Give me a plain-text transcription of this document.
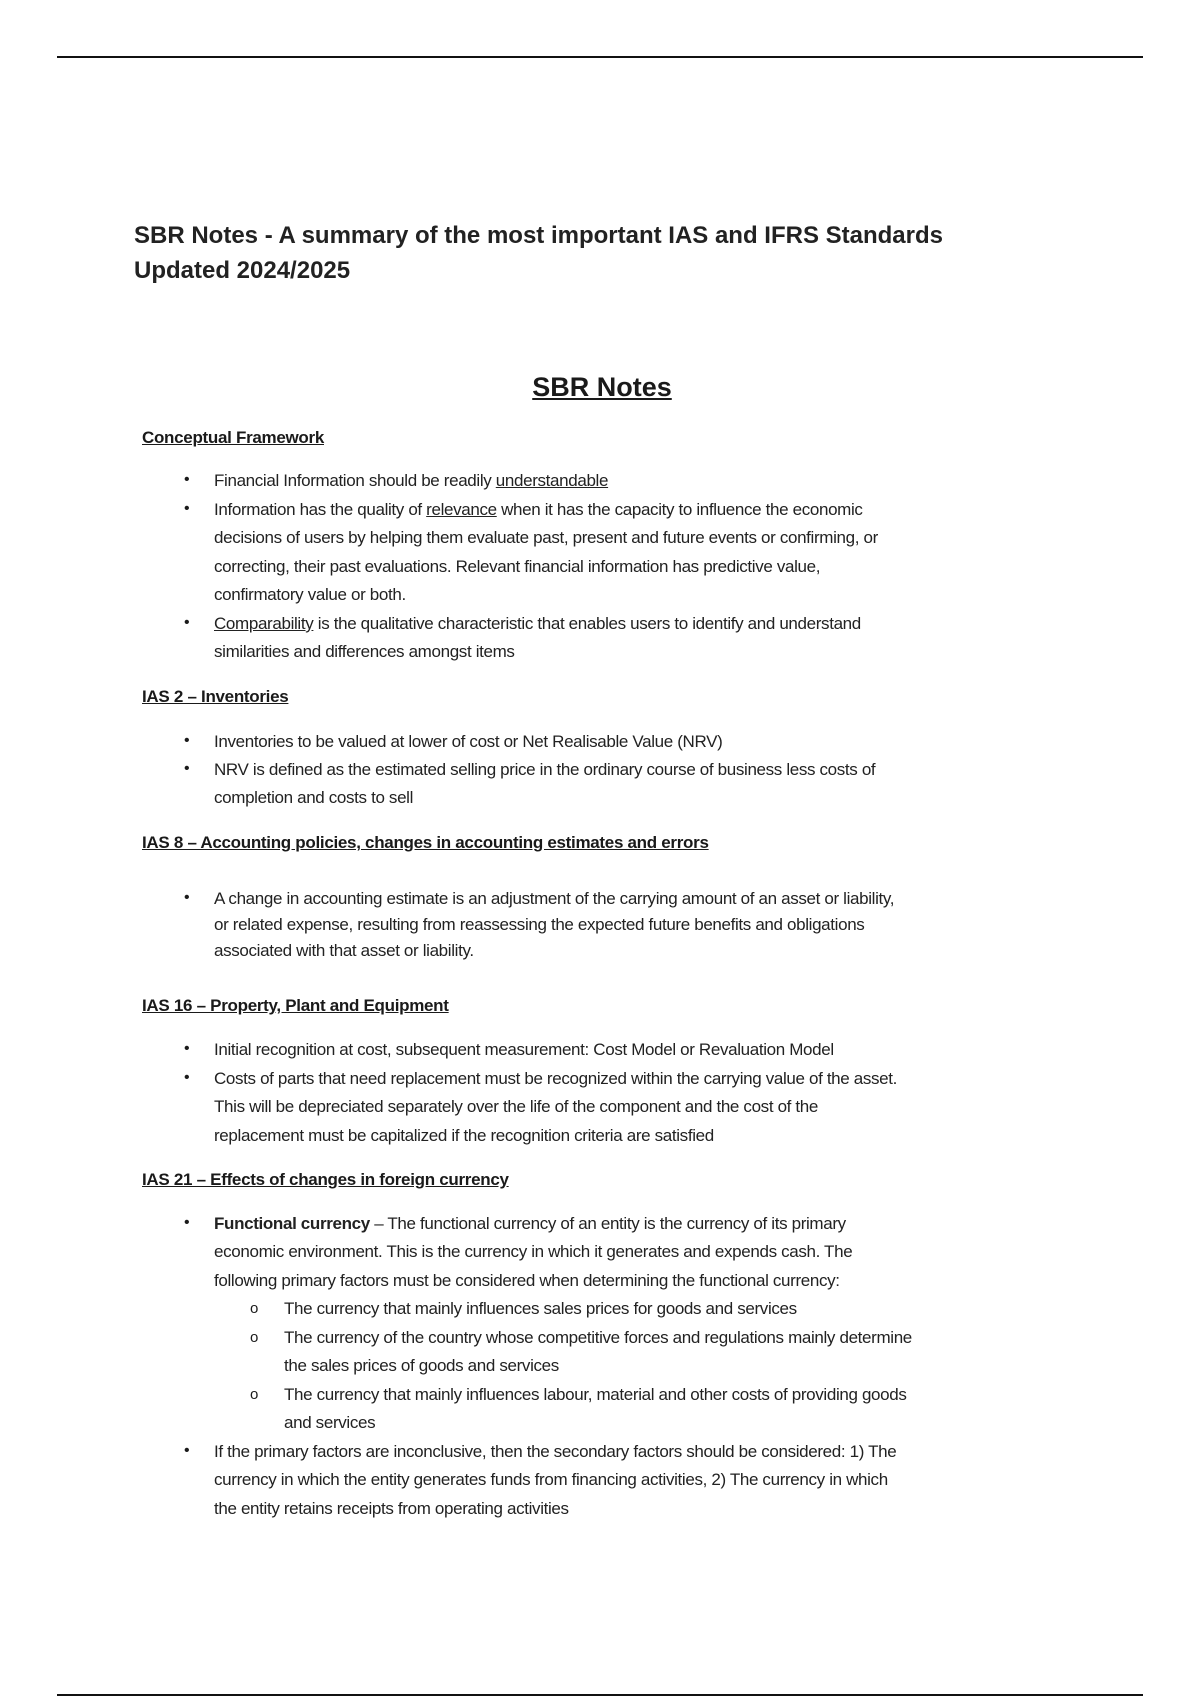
SBR Notes - A summary of the most important IAS and IFRS Standards
Updated 2024/2025
SBR Notes
Conceptual Framework
• Financial Information should be readily understandable
• Information has the quality of relevance when it has the capacity to influence the economic
decisions of users by helping them evaluate past, present and future events or confirming, or
correcting, their past evaluations. Relevant financial information has predictive value,
confirmatory value or both.
• Comparability is the qualitative characteristic that enables users to identify and understand
similarities and differences amongst items
IAS 2 – Inventories
• Inventories to be valued at lower of cost or Net Realisable Value (NRV)
• NRV is defined as the estimated selling price in the ordinary course of business less costs of
completion and costs to sell
IAS 8 – Accounting policies, changes in accounting estimates and errors
• A change in accounting estimate is an adjustment of the carrying amount of an asset or liability,
or related expense, resulting from reassessing the expected future benefits and obligations
associated with that asset or liability.
IAS 16 – Property, Plant and Equipment
• Initial recognition at cost, subsequent measurement: Cost Model or Revaluation Model
• Costs of parts that need replacement must be recognized within the carrying value of the asset.
This will be depreciated separately over the life of the component and the cost of the
replacement must be capitalized if the recognition criteria are satisfied
IAS 21 – Effects of changes in foreign currency
• Functional currency – The functional currency of an entity is the currency of its primary
economic environment. This is the currency in which it generates and expends cash. The
following primary factors must be considered when determining the functional currency:
o The currency that mainly influences sales prices for goods and services
o The currency of the country whose competitive forces and regulations mainly determine
the sales prices of goods and services
o The currency that mainly influences labour, material and other costs of providing goods
and services
• If the primary factors are inconclusive, then the secondary factors should be considered: 1) The
currency in which the entity generates funds from financing activities, 2) The currency in which
the entity retains receipts from operating activities
